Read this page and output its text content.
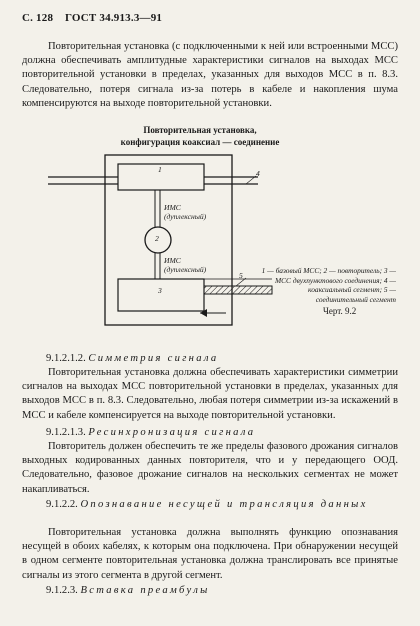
С. 128 ГОСТ 34.913.3—91
Повторительная установка (с подключенными к ней или встроенными МСС) должна обеспечивать амплитудные характеристики сигналов на выходах МСС повторительной установки в пределах, указанных для выходов МСС в п. 8.3. Следовательно, потеря сигнала из-за потерь в кабеле и накопления шума компенсируются на выходе повторительной установки.
Повторительная установка,
конфигурация коаксиал — соединение
1
3
2
4
5
ИМС
(дуплексный)
ИМС
(дуплексный)	1 — базовый МСС; 2 — повторитель; 3 — МСС двухпунктового соединения; 4 — коаксиальный сегмент; 5 — соединительный сегмент
Черт. 9.2
9.1.2.1.2. Симметрия сигнала
Повторительная установка должна обеспечивать характеристики симметрии сигналов на выходах МСС повторительной установки в пределах, указанных для выходов МСС в п. 8.3. Следовательно, любая потеря симметрии из-за искажений в МСС и кабеле компенсируется на выходе повторительной установки.
9.1.2.1.3. Ресинхронизация сигнала
Повторитель должен обеспечить те же пределы фазового дрожания сигналов выходных кодированных данных повторителя, что и у передающего ООД. Следовательно, фазовое дрожание сигналов на нескольких сегментах не может накапливаться.
9.1.2.2. Опознавание несущей и трансляция данных
Повторительная установка должна выполнять функцию опознавания несущей в обоих кабелях, к которым она подключена. При обнаружении несущей в одном сегменте повторительная установка должна транслировать все принятые сигналы из этого сегмента в другой сегмент.
9.1.2.3. Вставка преамбулы
